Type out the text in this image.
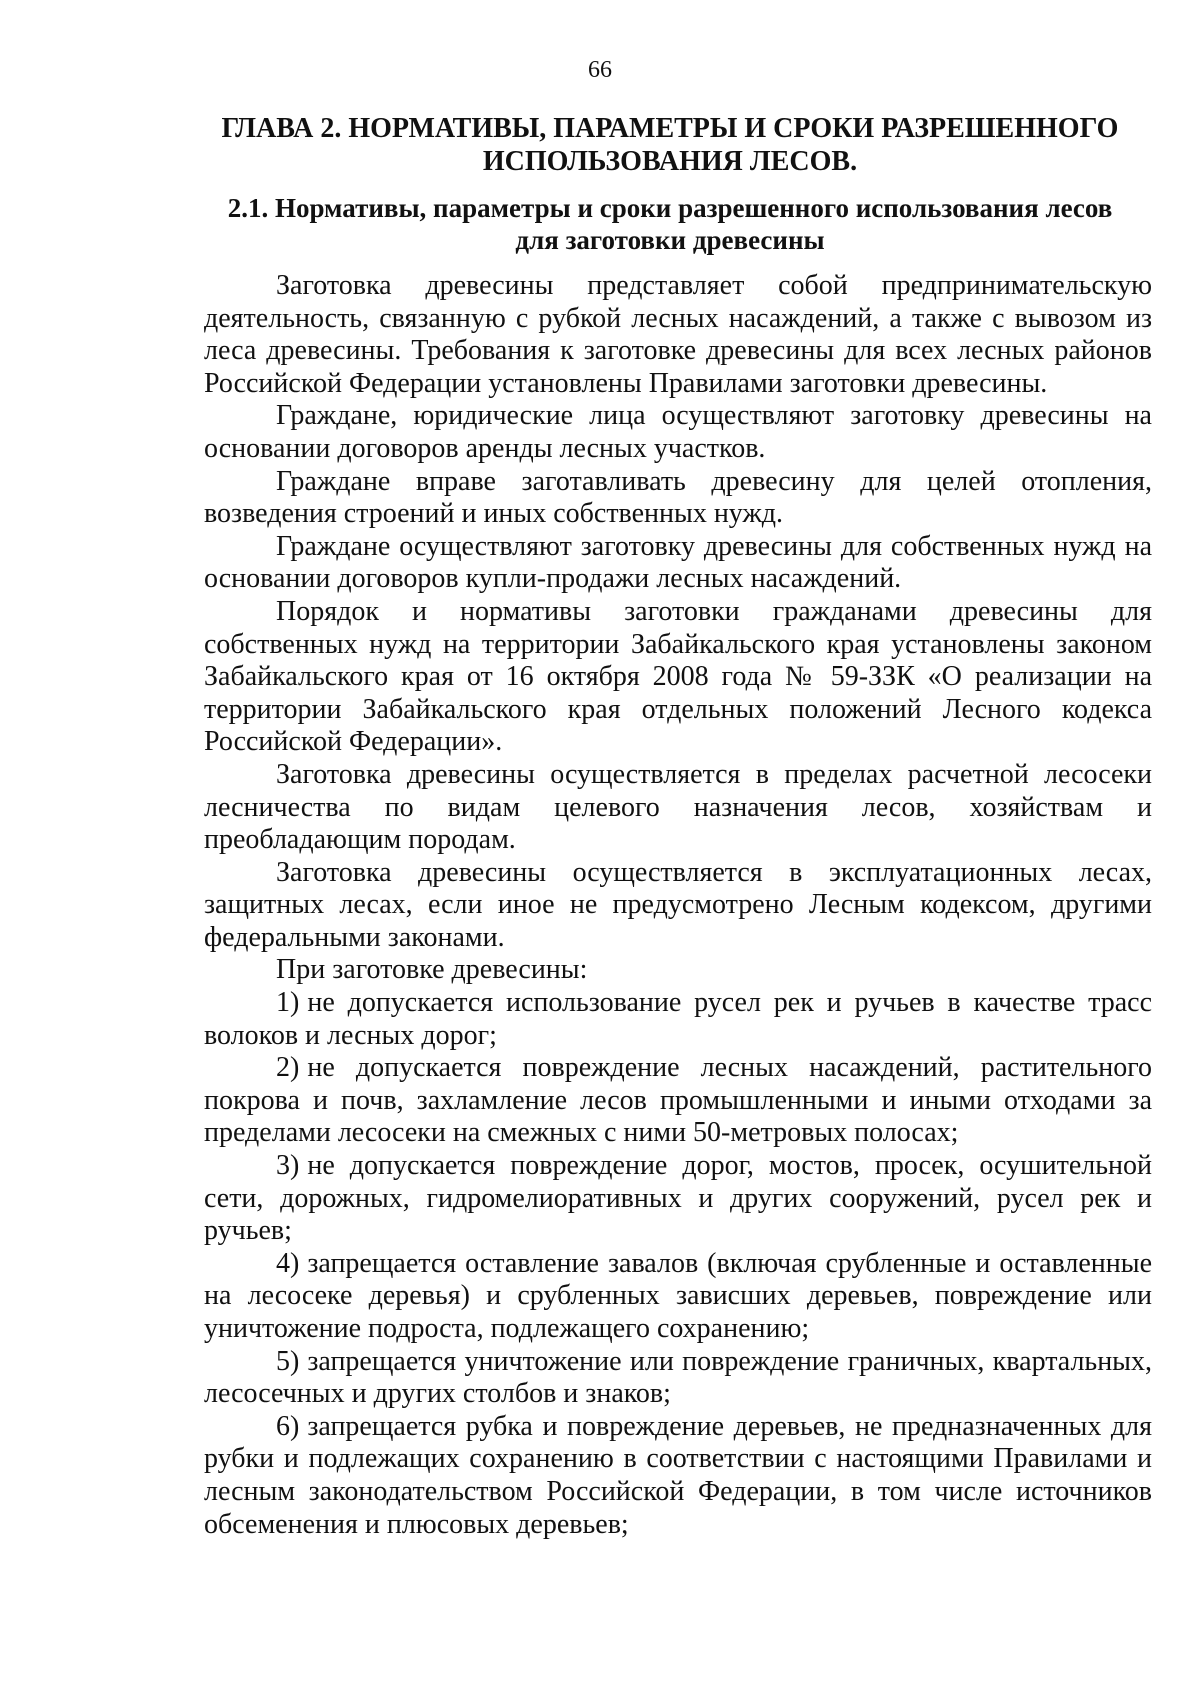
66
ГЛАВА 2. НОРМАТИВЫ, ПАРАМЕТРЫ И СРОКИ РАЗРЕШЕННОГО
ИСПОЛЬЗОВАНИЯ ЛЕСОВ.
2.1. Нормативы, параметры и сроки разрешенного использования лесов
для заготовки древесины

Заготовка древесины представляет собой предпринимательскую деятельность, связанную с рубкой лесных насаждений, а также с вывозом из леса древесины. Требования к заготовке древесины для всех лесных районов Российской Федерации установлены Правилами заготовки древесины.

Граждане, юридические лица осуществляют заготовку древесины на основании договоров аренды лесных участков.

Граждане вправе заготавливать древесину для целей отопления, возведения строений и иных собственных нужд.

Граждане осуществляют заготовку древесины для собственных нужд на основании договоров купли-продажи лесных насаждений.

Порядок и нормативы заготовки гражданами древесины для собственных нужд на территории Забайкальского края установлены законом Забайкальского края от 16 октября 2008 года № 59-ЗЗК «О реализации на территории Забайкальского края отдельных положений Лесного кодекса Российской Федерации».

Заготовка древесины осуществляется в пределах расчетной лесосеки лесничества по видам целевого назначения лесов, хозяйствам и преобладающим породам.

Заготовка древесины осуществляется в эксплуатационных лесах, защитных лесах, если иное не предусмотрено Лесным кодексом, другими федеральными законами.

При заготовке древесины:

1) не допускается использование русел рек и ручьев в качестве трасс волоков и лесных дорог;

2) не допускается повреждение лесных насаждений, растительного покрова и почв, захламление лесов промышленными и иными отходами за пределами лесосеки на смежных с ними 50-метровых полосах;

3) не допускается повреждение дорог, мостов, просек, осушительной сети, дорожных, гидромелиоративных и других сооружений, русел рек и ручьев;

4) запрещается оставление завалов (включая срубленные и оставленные на лесосеке деревья) и срубленных зависших деревьев, повреждение или уничтожение подроста, подлежащего сохранению;

5) запрещается уничтожение или повреждение граничных, квартальных, лесосечных и других столбов и знаков;

6) запрещается рубка и повреждение деревьев, не предназначенных для рубки и подлежащих сохранению в соответствии с настоящими Правилами и лесным законодательством Российской Федерации, в том числе источников обсеменения и плюсовых деревьев;
